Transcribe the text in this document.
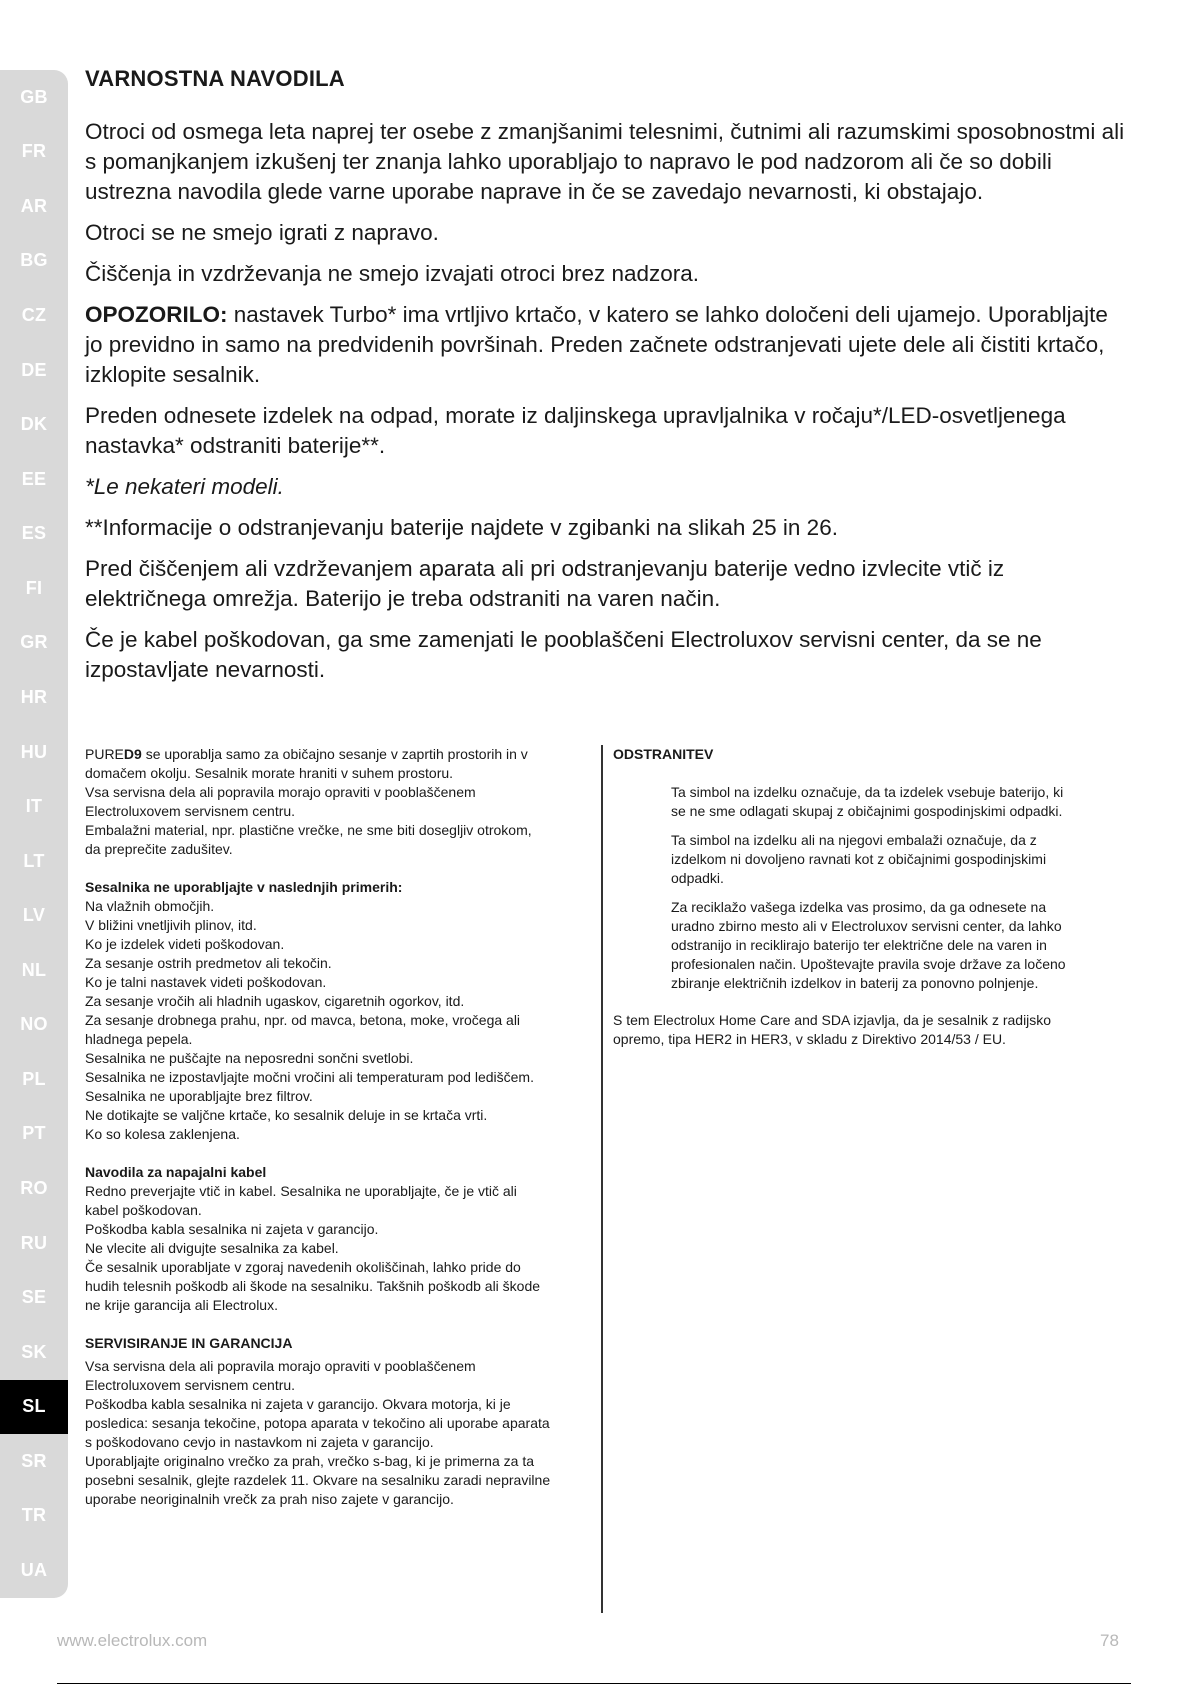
GB
FR
AR
BG
CZ
DE
DK
EE
ES
FI
GR
HR
HU
IT
LT
LV
NL
NO
PL
PT
RO
RU
SE
SK
SL
SR
TR
UA
VARNOSTNA NAVODILA

Otroci od osmega leta naprej ter osebe z zmanjšanimi telesnimi, čutnimi ali razumskimi sposobnostmi ali s pomanjkanjem izkušenj ter znanja lahko uporabljajo to napravo le pod nadzorom ali če so dobili ustrezna navodila glede varne uporabe naprave in če se zavedajo nevarnosti, ki obstajajo.

Otroci se ne smejo igrati z napravo.

Čiščenja in vzdrževanja ne smejo izvajati otroci brez nadzora.

OPOZORILO: nastavek Turbo* ima vrtljivo krtačo, v katero se lahko določeni deli ujamejo. Uporabljajte jo previdno in samo na predvidenih površinah. Preden začnete odstranjevati ujete dele ali čistiti krtačo, izklopite sesalnik.

Preden odnesete izdelek na odpad, morate iz daljinskega upravljalnika v ročaju*/LED-osvetljenega nastavka* odstraniti baterije**.

*Le nekateri modeli.

**Informacije o odstranjevanju baterije najdete v zgibanki na slikah 25 in 26.

Pred čiščenjem ali vzdrževanjem aparata ali pri odstranjevanju baterije vedno izvlecite vtič iz električnega omrežja. Baterijo je treba odstraniti na varen način.

Če je kabel poškodovan, ga sme zamenjati le pooblaščeni Electroluxov servisni center, da se ne izpostavljate nevarnosti.

PURED9 se uporablja samo za običajno sesanje v zaprtih prostorih in v
domačem okolju. Sesalnik morate hraniti v suhem prostoru.
Vsa servisna dela ali popravila morajo opraviti v pooblaščenem
Electroluxovem servisnem centru.
Embalažni material, npr. plastične vrečke, ne sme biti dosegljiv otrokom,
da preprečite zadušitev.
Sesalnika ne uporabljajte v naslednjih primerih:
Na vlažnih območjih.
V bližini vnetljivih plinov, itd.
Ko je izdelek videti poškodovan.
Za sesanje ostrih predmetov ali tekočin.
Ko je talni nastavek videti poškodovan.
Za sesanje vročih ali hladnih ugaskov, cigaretnih ogorkov, itd.
Za sesanje drobnega prahu, npr. od mavca, betona, moke, vročega ali
hladnega pepela.
Sesalnika ne puščajte na neposredni sončni svetlobi.
Sesalnika ne izpostavljajte močni vročini ali temperaturam pod lediščem.
Sesalnika ne uporabljajte brez filtrov.
Ne dotikajte se valjčne krtače, ko sesalnik deluje in se krtača vrti.
Ko so kolesa zaklenjena.
Navodila za napajalni kabel
Redno preverjajte vtič in kabel. Sesalnika ne uporabljajte, če je vtič ali
kabel poškodovan.
Poškodba kabla sesalnika ni zajeta v garancijo.
Ne vlecite ali dvigujte sesalnika za kabel.
Če sesalnik uporabljate v zgoraj navedenih okoliščinah, lahko pride do
hudih telesnih poškodb ali škode na sesalniku. Takšnih poškodb ali škode
ne krije garancija ali Electrolux.
SERVISIRANJE IN GARANCIJA
Vsa servisna dela ali popravila morajo opraviti v pooblaščenem
Electroluxovem servisnem centru.
Poškodba kabla sesalnika ni zajeta v garancijo. Okvara motorja, ki je
posledica: sesanja tekočine, potopa aparata v tekočino ali uporabe aparata
s poškodovano cevjo in nastavkom ni zajeta v garancijo.
Uporabljajte originalno vrečko za prah, vrečko s-bag, ki je primerna za ta
posebni sesalnik, glejte razdelek 11. Okvare na sesalniku zaradi nepravilne
uporabe neoriginalnih vrečk za prah niso zajete v garancijo.
ODSTRANITEV
Ta simbol na izdelku označuje, da ta izdelek vsebuje baterijo, ki
se ne sme odlagati skupaj z običajnimi gospodinjskimi odpadki.
Ta simbol na izdelku ali na njegovi embalaži označuje, da z
izdelkom ni dovoljeno ravnati kot z običajnimi gospodinjskimi
odpadki.
Za reciklažo vašega izdelka vas prosimo, da ga odnesete na
uradno zbirno mesto ali v Electroluxov servisni center, da lahko
odstranijo in reciklirajo baterijo ter električne dele na varen in
profesionalen način. Upoštevajte pravila svoje države za ločeno
zbiranje električnih izdelkov in baterij za ponovno polnjenje.
S tem Electrolux Home Care and SDA izjavlja, da je sesalnik z radijsko
opremo, tipa HER2 in HER3, v skladu z Direktivo 2014/53 / EU.
www.electrolux.com	78
